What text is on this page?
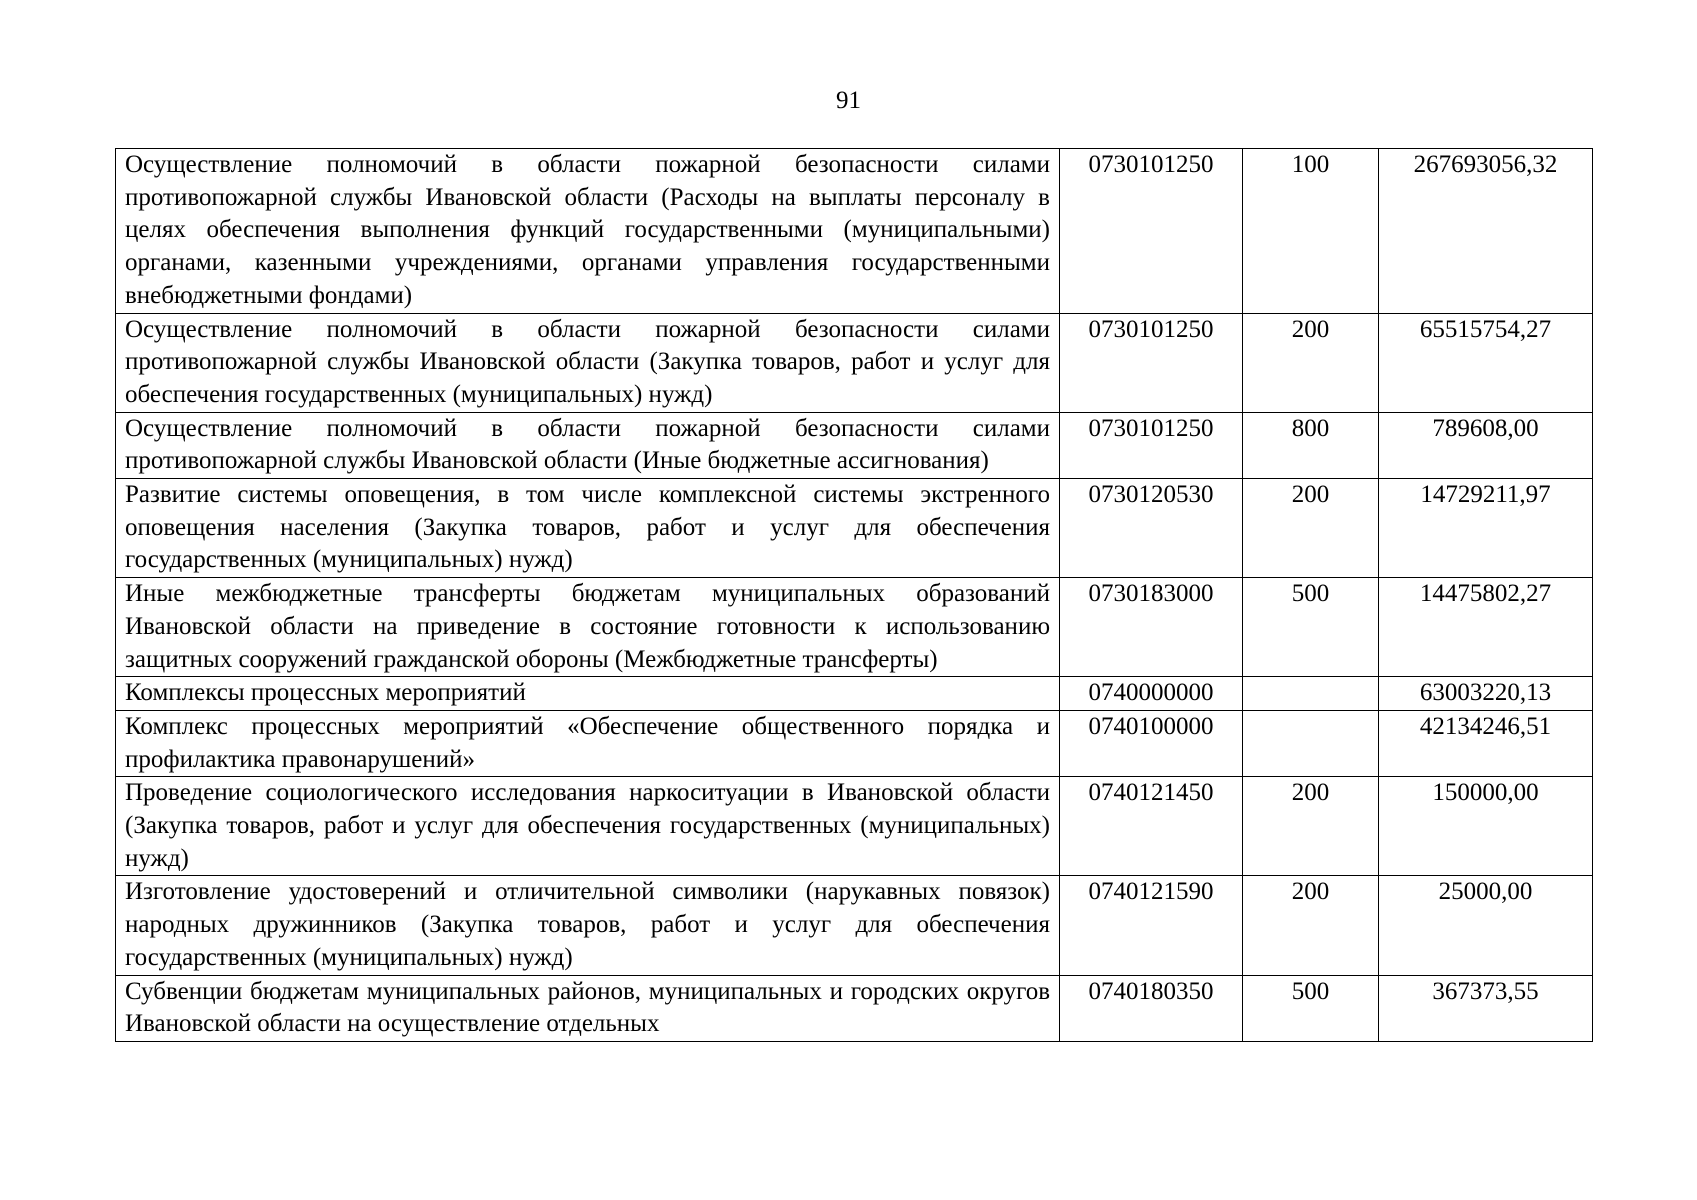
91
Осуществление полномочий в области пожарной безопасности силами противопожарной службы Ивановской области (Расходы на выплаты персоналу в целях обеспечения выполнения функций государственными (муниципальными) органами, казенными учреждениями, органами управления государственными внебюджетными фондами)	0730101250	100	267693056,32
Осуществление полномочий в области пожарной безопасности силами противопожарной службы Ивановской области (Закупка товаров, работ и услуг для обеспечения государственных (муниципальных) нужд)	0730101250	200	65515754,27
Осуществление полномочий в области пожарной безопасности силами противопожарной службы Ивановской области (Иные бюджетные ассигнования)	0730101250	800	789608,00
Развитие системы оповещения, в том числе комплексной системы экстренного оповещения населения (Закупка товаров, работ и услуг для обеспечения государственных (муниципальных) нужд)	0730120530	200	14729211,97
Иные межбюджетные трансферты бюджетам муниципальных образований Ивановской области на приведение в состояние готовности к использованию защитных сооружений гражданской обороны (Межбюджетные трансферты)	0730183000	500	14475802,27
Комплексы процессных мероприятий	0740000000		63003220,13
Комплекс процессных мероприятий «Обеспечение общественного порядка и профилактика правонарушений»	0740100000		42134246,51
Проведение социологического исследования наркоситуации в Ивановской области (Закупка товаров, работ и услуг для обеспечения государственных (муниципальных) нужд)	0740121450	200	150000,00
Изготовление удостоверений и отличительной символики (нарукавных повязок) народных дружинников (Закупка товаров, работ и услуг для обеспечения государственных (муниципальных) нужд)	0740121590	200	25000,00
Субвенции бюджетам муниципальных районов, муниципальных и городских округов Ивановской области на осуществление отдельных	0740180350	500	367373,55
